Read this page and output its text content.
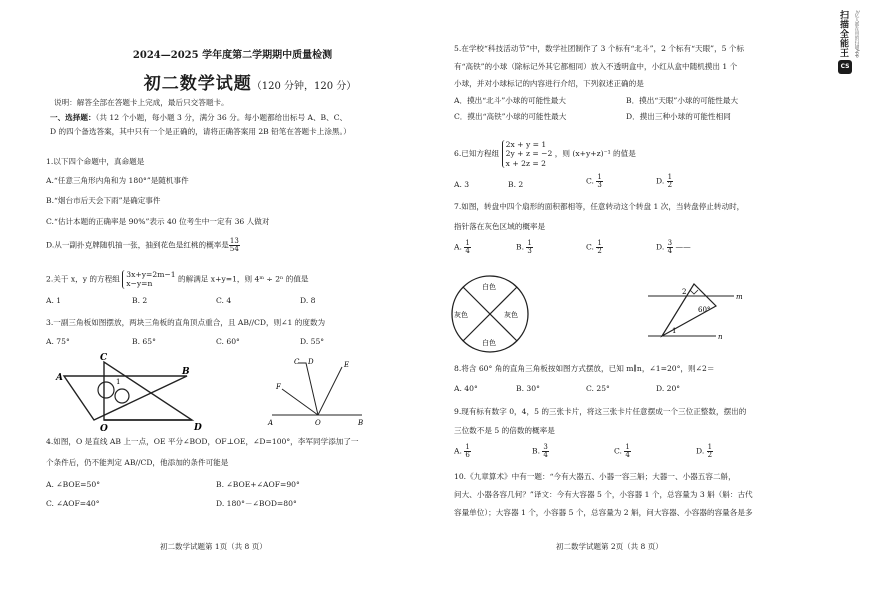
2024—2025 学年度第二学期期中质量检测
初二数学试题（120 分钟，120 分）
说明：解答全部在答题卡上完成，最后只交答题卡。
一、选择题：（共 12 个小题，每小题 3 分，满分 36 分。每小题都给出标号 A、B、C、
D 的四个备选答案，其中只有一个是正确的，请将正确答案用 2B 铅笔在答题卡上涂黑。）
1.以下四个命题中，真命题是
A.“任意三角形内角和为 180°”是随机事件
B.“烟台市后天会下雨”是确定事件
C.“估计本题的正确率是 90%”表示 40 位考生中一定有 36 人做对
D.从一副扑克牌随机抽一张，抽到花色是红桃的概率是 $\frac{13}{54}$
2.关于 x，y 的方程组 3x+y=2m−1
x−y=n
的解满足 x+y=1，则 4ᵐ ÷ 2ⁿ 的值是
A. 1	B. 2	C. 4	D. 8
3.一副三角板如图摆放，两块三角板的直角顶点重合，且 AB//CD，则∠1 的度数为
A. 75°	B. 65°	C. 60°	D. 55°
A
C
B
O	D
1
C D	E
F
A	O	B
4.如图，O 是直线 AB 上一点，OE 平分∠BOD，OF⊥OE，∠D=100°，李军同学添加了一
个条件后，仍不能判定 AB//CD，他添加的条件可能是
A. ∠BOE=50°	B. ∠BOE+∠AOF=90°
C. ∠AOF=40°	D. 180°－∠BOD=80°
初二数学试题第 1页（共 8 页）
5.在学校“科技活动节”中，数学社团制作了 3 个标有“北斗”，2 个标有“天眼”，5 个标
有“高铁”的小球（除标记外其它都相同）放入不透明盒中，小红从盒中随机摸出 1 个
小球，并对小球标记的内容进行介绍，下列叙述正确的是
A．摸出“北斗”小球的可能性最大	B．摸出“天眼”小球的可能性最大
C．摸出“高铁”小球的可能性最大	D．摸出三种小球的可能性相同
6.已知方程组
2x + y = 1
2y + z = −2
x + 2z = 2
，则 (x+y+z)⁻¹ 的值是
A. 3	B. 2	C. $\frac{1}{3}$	D. $\frac{1}{2}$
7.如图，转盘中四个扇形的面积都相等，任意转动这个转盘 1 次，当转盘停止转动时，
指针落在灰色区域的概率是
A. $\frac{1}{4}$	B. $\frac{1}{3}$	C. $\frac{1}{2}$	D. $\frac{3}{4}$ ——
白色
灰色	灰色
白色
2
m
60°
1
n
8.将含 60° 角的直角三角板按如图方式摆放，已知 m∥n，∠1=20°，则∠2＝
A. 40°	B. 30°	C. 25°	D. 20°
9.现有标有数字 0，4，5 的三张卡片，将这三张卡片任意摆成一个三位正整数，摆出的
三位数不是 5 的倍数的概率是
A. $\frac{1}{6}$	B. $\frac{3}{4}$	C. $\frac{1}{4}$	D. $\frac{1}{2}$
10.《九章算术》中有一题：“今有大器五、小器一容三斛；大器一、小器五容二斛，
问大、小器各容几何？”译文：今有大容器 5 个，小容器 1 个，总容量为 3 斛（斛：古代
容量单位）；大容器 1 个，小容器 5 个，总容量为 2 斛，问大容器、小容器的容量各是多
初二数学试题第 2页（共 8 页）
扫描全能王	3亿人都在用的扫描App
CS
